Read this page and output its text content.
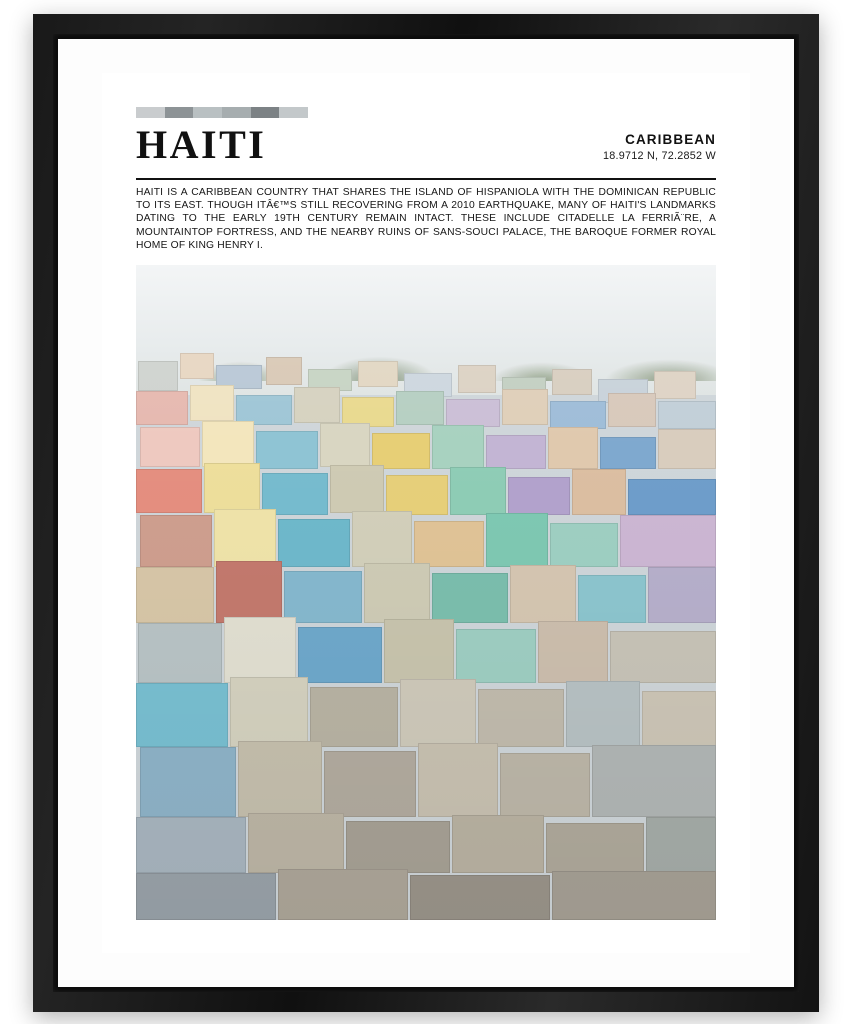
HAITI	CARIBBEAN
18.9712 N, 72.2852 W
HAITI IS A CARIBBEAN COUNTRY THAT SHARES THE ISLAND OF HISPANIOLA WITH THE DOMINICAN REPUBLIC TO ITS EAST. THOUGH ITÂ€™S STILL RECOVERING FROM A 2010 EARTHQUAKE, MANY OF HAITI'S LANDMARKS DATING TO THE EARLY 19TH CENTURY REMAIN INTACT. THESE INCLUDE CITADELLE LA FERRIÃ¨RE, A MOUNTAINTOP FORTRESS, AND THE NEARBY RUINS OF SANS-SOUCI PALACE, THE BAROQUE FORMER ROYAL HOME OF KING HENRY I.
